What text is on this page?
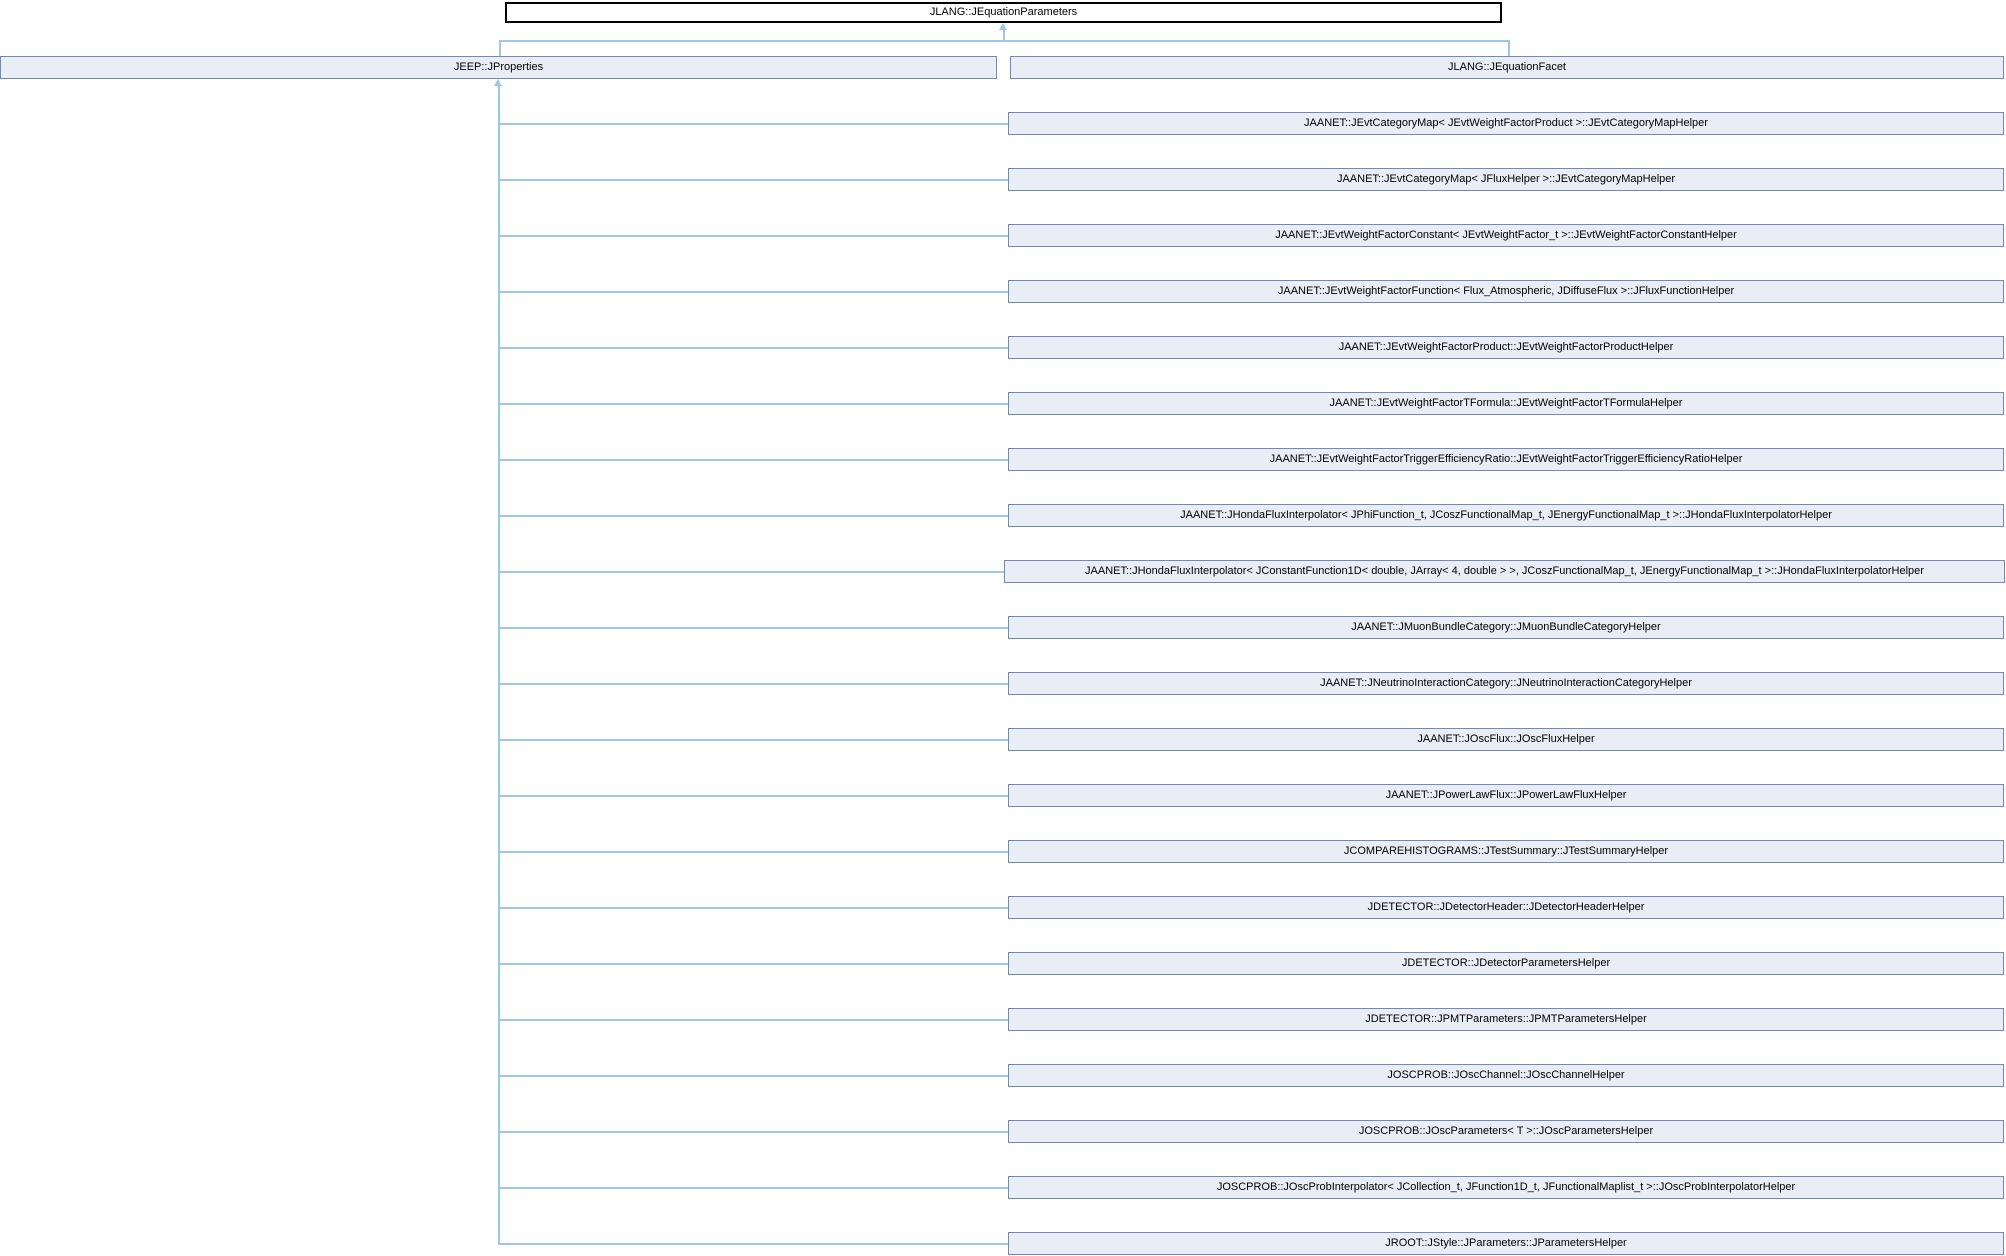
JLANG::JEquationParameters
JEEP::JProperties	JLANG::JEquationFacet
JAANET::JEvtCategoryMap< JEvtWeightFactorProduct >::JEvtCategoryMapHelper
JAANET::JEvtCategoryMap< JFluxHelper >::JEvtCategoryMapHelper
JAANET::JEvtWeightFactorConstant< JEvtWeightFactor_t >::JEvtWeightFactorConstantHelper
JAANET::JEvtWeightFactorFunction< Flux_Atmospheric, JDiffuseFlux >::JFluxFunctionHelper
JAANET::JEvtWeightFactorProduct::JEvtWeightFactorProductHelper
JAANET::JEvtWeightFactorTFormula::JEvtWeightFactorTFormulaHelper
JAANET::JEvtWeightFactorTriggerEfficiencyRatio::JEvtWeightFactorTriggerEfficiencyRatioHelper
JAANET::JHondaFluxInterpolator< JPhiFunction_t, JCoszFunctionalMap_t, JEnergyFunctionalMap_t >::JHondaFluxInterpolatorHelper
JAANET::JHondaFluxInterpolator< JConstantFunction1D< double, JArray< 4, double > >, JCoszFunctionalMap_t, JEnergyFunctionalMap_t >::JHondaFluxInterpolatorHelper
JAANET::JMuonBundleCategory::JMuonBundleCategoryHelper
JAANET::JNeutrinoInteractionCategory::JNeutrinoInteractionCategoryHelper
JAANET::JOscFlux::JOscFluxHelper
JAANET::JPowerLawFlux::JPowerLawFluxHelper
JCOMPAREHISTOGRAMS::JTestSummary::JTestSummaryHelper
JDETECTOR::JDetectorHeader::JDetectorHeaderHelper
JDETECTOR::JDetectorParametersHelper
JDETECTOR::JPMTParameters::JPMTParametersHelper
JOSCPROB::JOscChannel::JOscChannelHelper
JOSCPROB::JOscParameters< T >::JOscParametersHelper
JOSCPROB::JOscProbInterpolator< JCollection_t, JFunction1D_t, JFunctionalMaplist_t >::JOscProbInterpolatorHelper
JROOT::JStyle::JParameters::JParametersHelper
